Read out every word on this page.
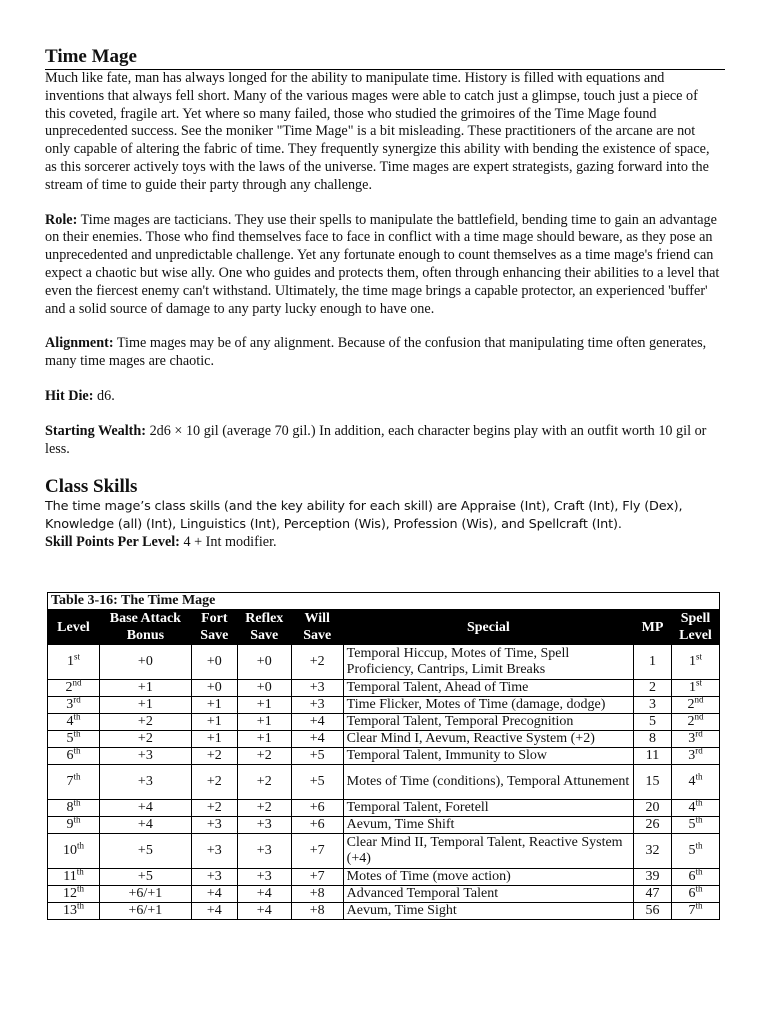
Time Mage

Much like fate, man has always longed for the ability to manipulate time. History is filled with equations and inventions that always fell short. Many of the various mages were able to catch just a glimpse, touch just a piece of this coveted, fragile art. Yet where so many failed, those who studied the grimoires of the Time Mage found unprecedented success. See the moniker "Time Mage" is a bit misleading. These practitioners of the arcane are not only capable of altering the fabric of time. They frequently synergize this ability with bending the existence of space, as this sorcerer actively toys with the laws of the universe. Time mages are expert strategists, gazing forward into the stream of time to guide their party through any challenge.

Role: Time mages are tacticians. They use their spells to manipulate the battlefield, bending time to gain an advantage on their enemies. Those who find themselves face to face in conflict with a time mage should beware, as they pose an unprecedented and unpredictable challenge. Yet any fortunate enough to count themselves as a time mage's friend can expect a chaotic but wise ally. One who guides and protects them, often through enhancing their abilities to a level that even the fiercest enemy can't withstand. Ultimately, the time mage brings a capable protector, an experienced 'buffer' and a solid source of damage to any party lucky enough to have one.

Alignment: Time mages may be of any alignment. Because of the confusion that manipulating time often generates, many time mages are chaotic.

Hit Die: d6.

Starting Wealth: 2d6 × 10 gil (average 70 gil.) In addition, each character begins play with an outfit worth 10 gil or less.

Class Skills

The time mage’s class skills (and the key ability for each skill) are Appraise (Int), Craft (Int), Fly (Dex), Knowledge (all) (Int), Linguistics (Int), Perception (Wis), Profession (Wis), and Spellcraft (Int).

Skill Points Per Level: 4 + Int modifier.

Table 3-16: The Time Mage							
Level	Base Attack Bonus	Fort Save	Reflex Save	Will Save	Special	MP	Spell Level
1st	+0	+0	+0	+2	Temporal Hiccup, Motes of Time, Spell Proficiency, Cantrips, Limit Breaks	1	1st
2nd	+1	+0	+0	+3	Temporal Talent, Ahead of Time	2	1st
3rd	+1	+1	+1	+3	Time Flicker, Motes of Time (damage, dodge)	3	2nd
4th	+2	+1	+1	+4	Temporal Talent, Temporal Precognition	5	2nd
5th	+2	+1	+1	+4	Clear Mind I, Aevum, Reactive System (+2)	8	3rd
6th	+3	+2	+2	+5	Temporal Talent, Immunity to Slow	11	3rd
7th	+3	+2	+2	+5	Motes of Time (conditions), Temporal Attunement	15	4th
8th	+4	+2	+2	+6	Temporal Talent, Foretell	20	4th
9th	+4	+3	+3	+6	Aevum, Time Shift	26	5th
10th	+5	+3	+3	+7	Clear Mind II, Temporal Talent, Reactive System (+4)	32	5th
11th	+5	+3	+3	+7	Motes of Time (move action)	39	6th
12th	+6/+1	+4	+4	+8	Advanced Temporal Talent	47	6th
13th	+6/+1	+4	+4	+8	Aevum, Time Sight	56	7th
